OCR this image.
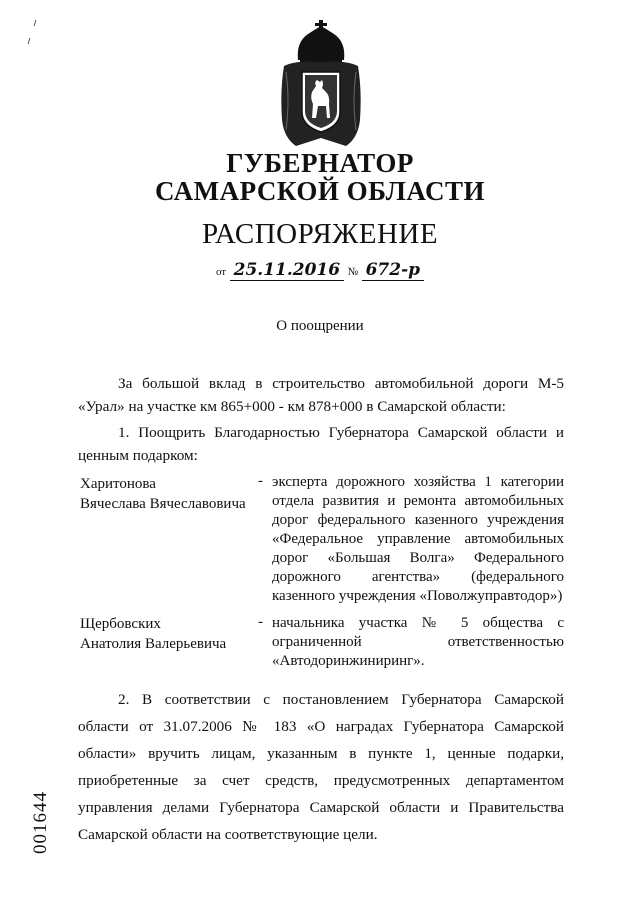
ГУБЕРНАТОР
САМАРСКОЙ ОБЛАСТИ
РАСПОРЯЖЕНИЕ
от 25.11.2016 № 672-р
О поощрении
За большой вклад в строительство автомобильной дороги М-5 «Урал» на участке км 865+000 - км 878+000 в Самарской области:
1. Поощрить Благодарностью Губернатора Самарской области и ценным подарком:
Харитонова
Вячеслава Вячеславовича
- эксперта дорожного хозяйства 1 категории отдела развития и ремонта автомобильных дорог федерального казенного учреждения «Федеральное управление автомобильных дорог «Большая Волга» Федерального дорожного агентства» (федерального казенного учреждения «Поволжуправтодор»)
Щербовских
Анатолия Валерьевича
- начальника участка № 5 общества с ограниченной ответственностью «Автодоринжиниринг».
2. В соответствии с постановлением Губернатора Самарской области от 31.07.2006 № 183 «О наградах Губернатора Самарской области» вручить лицам, указанным в пункте 1, ценные подарки, приобретенные за счет средств, предусмотренных департаментом управления делами Губернатора Самарской области и Правительства Самарской области на соответствующие цели.
001644
